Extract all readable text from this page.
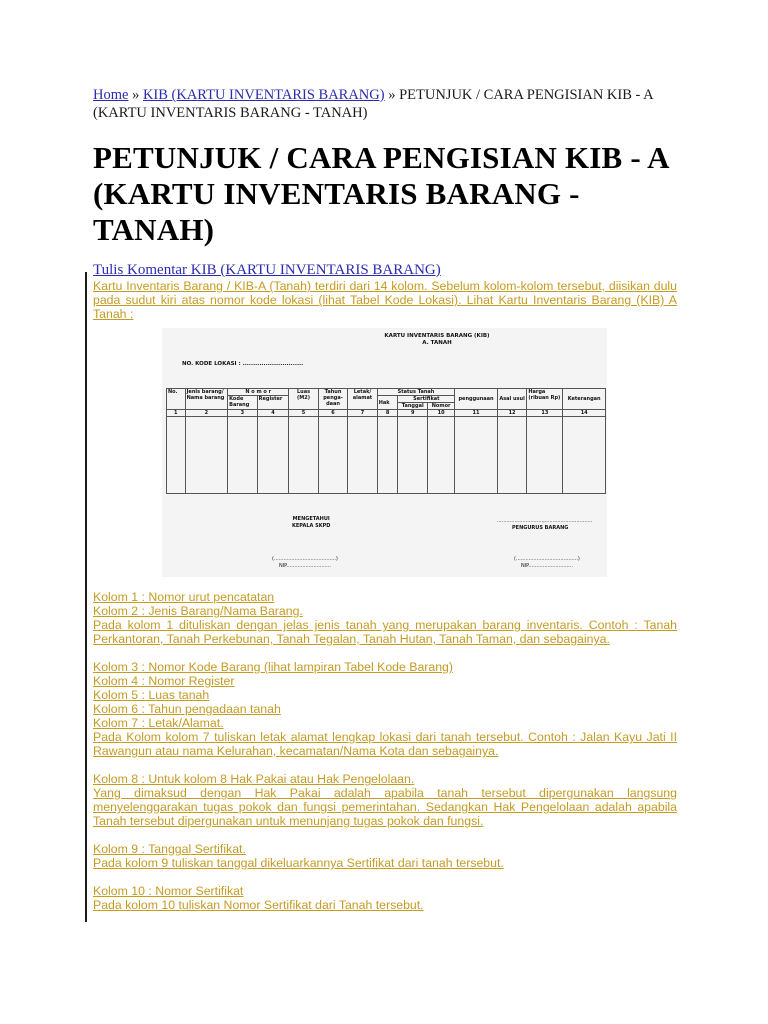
Home » KIB (KARTU INVENTARIS BARANG) » PETUNJUK / CARA PENGISIAN KIB - A (KARTU INVENTARIS BARANG - TANAH)
PETUNJUK / CARA PENGISIAN KIB - A (KARTU INVENTARIS BARANG - TANAH)
Tulis Komentar KIB (KARTU INVENTARIS BARANG)
Kartu Inventaris Barang / KIB-A (Tanah) terdiri dari 14 kolom. Sebelum kolom-kolom tersebut, diisikan dulu pada sudut kiri atas nomor kode lokasi (lihat Tabel Kode Lokasi). Lihat Kartu Inventaris Barang (KIB) A Tanah :
KARTU INVENTARIS BARANG (KIB)
A. TANAH
NO. KODE LOKASI : .............................
No.	Jenis barang/ Nama barang	N o m o r		Luas (M2)	Tahun penga-daan	Letak/ alamat	Status Tanah			penggunaan	Asal usul	Harga (ribuan Rp)	Keterangan
		Kode Barang	Register				Hak	Sertifikat					
								Tanggal	Nomor				
1	2	3	4	5	6	7	8	9	10	11	12	13	14

MENGETAHUI
KEPALA SKPD
.............................,..............................
PENGURUS BARANG
(.......................................)
NIP............................
(.......................................)
NIP............................
Kolom 1 : Nomor urut pencatatan
Kolom 2 : Jenis Barang/Nama Barang.
Pada kolom 1 dituliskan dengan jelas jenis tanah yang merupakan barang inventaris. Contoh : Tanah Perkantoran, Tanah Perkebunan, Tanah Tegalan, Tanah Hutan, Tanah Taman, dan sebagainya.
Kolom 3 : Nomor Kode Barang (lihat lampiran Tabel Kode Barang)
Kolom 4 : Nomor Register
Kolom 5 : Luas tanah
Kolom 6 : Tahun pengadaan tanah
Kolom 7 : Letak/Alamat.
Pada Kolom kolom 7 tuliskan letak alamat lengkap lokasi dari tanah tersebut. Contoh : Jalan Kayu Jati II Rawangun atau nama Kelurahan, kecamatan/Nama Kota dan sebagainya.
Kolom 8 : Untuk kolom 8 Hak Pakai atau Hak Pengelolaan.
Yang dimaksud dengan Hak Pakai adalah apabila tanah tersebut dipergunakan langsung menyelenggarakan tugas pokok dan fungsi pemerintahan. Sedangkan Hak Pengelolaan adalah apabila Tanah tersebut dipergunakan untuk menunjang tugas pokok dan fungsi.
Kolom 9 : Tanggal Sertifikat.
Pada kolom 9 tuliskan tanggal dikeluarkannya Sertifikat dari tanah tersebut.
Kolom 10 : Nomor Sertifikat
Pada kolom 10 tuliskan Nomor Sertifikat dari Tanah tersebut.
